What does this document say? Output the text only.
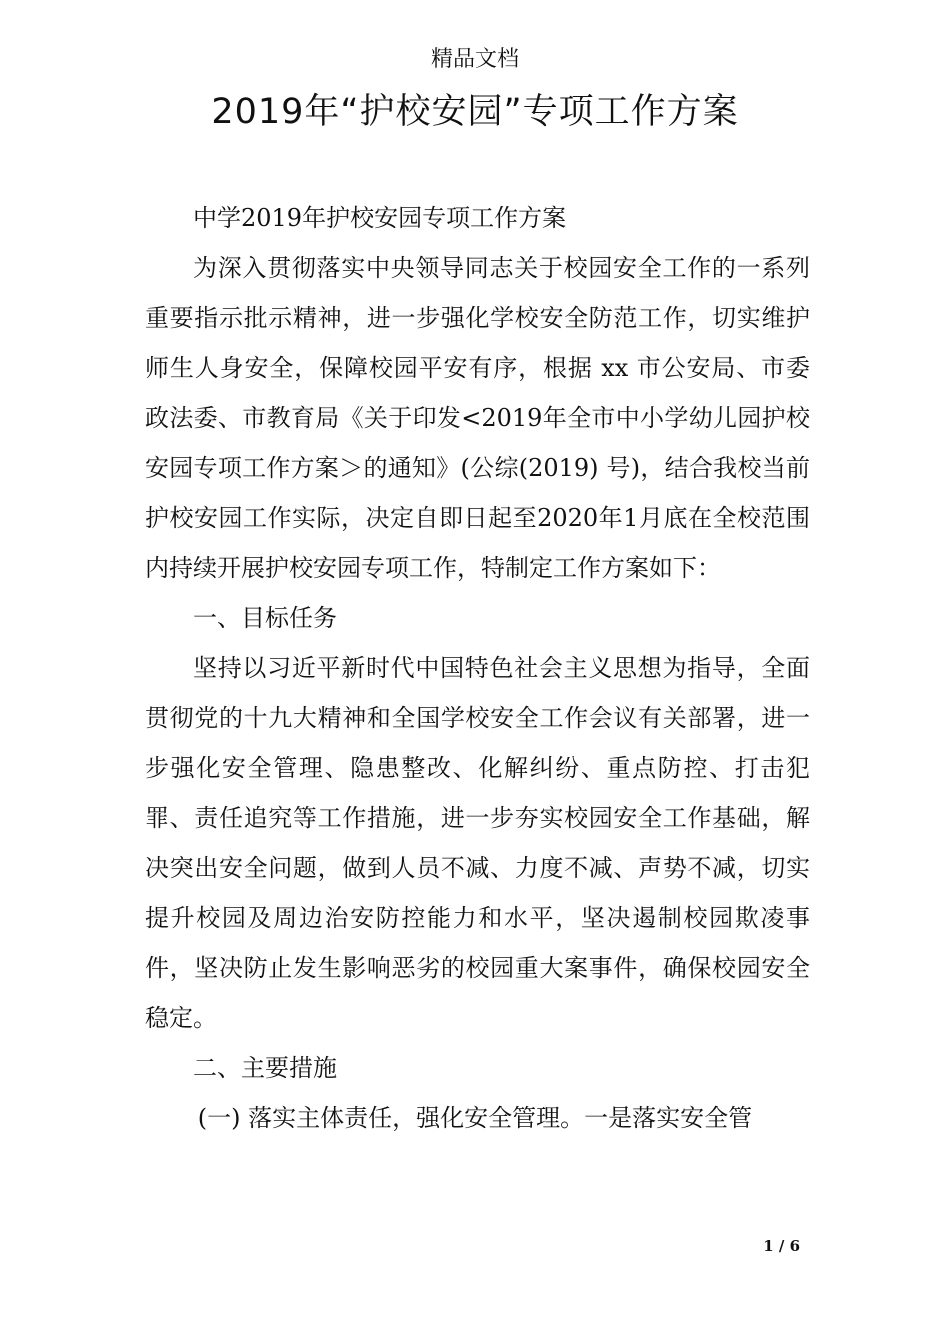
精品文档
2019年“护校安园”专项工作方案

中学2019年护校安园专项工作方案

为深入贯彻落实中央领导同志关于校园安全工作的一系列重要指示批示精神，进一步强化学校安全防范工作，切实维护师生人身安全，保障校园平安有序，根据 xx 市公安局、市委政法委、市教育局《关于印发<2019年全市中小学幼儿园护校安园专项工作方案＞的通知》(公综(2019) 号)，结合我校当前护校安园工作实际，决定自即日起至2020年1月底在全校范围内持续开展护校安园专项工作，特制定工作方案如下：

一、目标任务

坚持以习近平新时代中国特色社会主义思想为指导，全面贯彻党的十九大精神和全国学校安全工作会议有关部署，进一步强化安全管理、隐患整改、化解纠纷、重点防控、打击犯罪、责任追究等工作措施，进一步夯实校园安全工作基础，解决突出安全问题，做到人员不减、力度不减、声势不减，切实提升校园及周边治安防控能力和水平，坚决遏制校园欺凌事件，坚决防止发生影响恶劣的校园重大案事件，确保校园安全稳定。

二、主要措施

(一) 落实主体责任，强化安全管理。一是落实安全管

1 / 6
